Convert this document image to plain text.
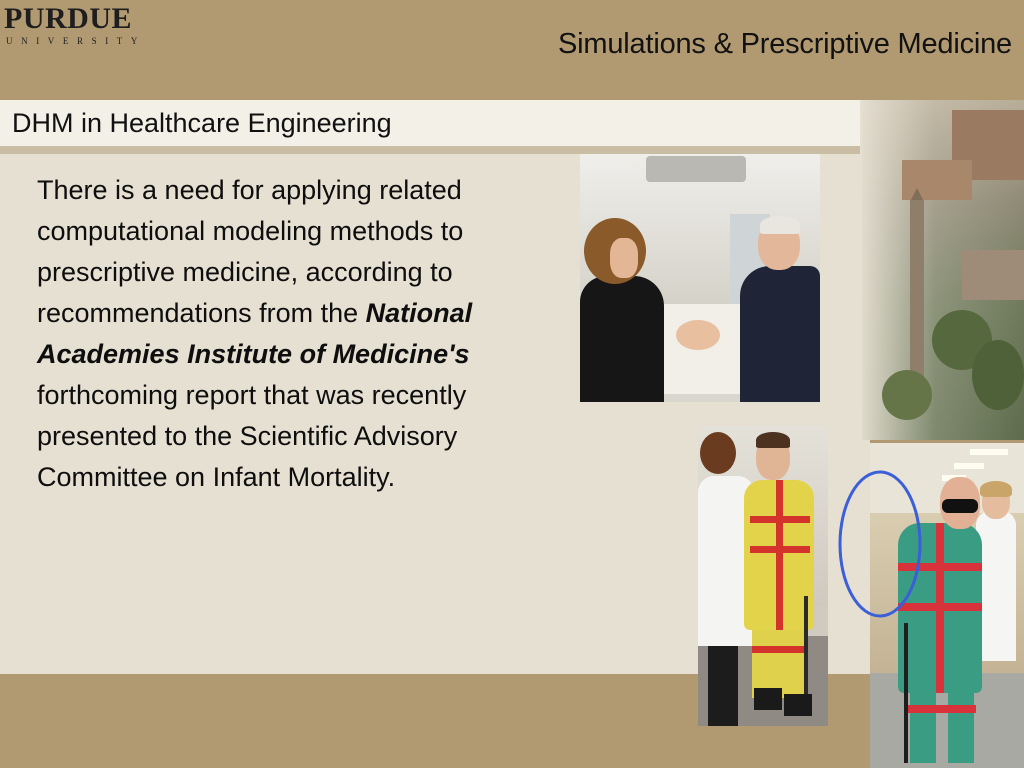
PURDUE
UNIVERSITY	Simulations & Prescriptive Medicine
DHM in Healthcare Engineering
There is a need for applying related computational modeling methods to prescriptive medicine, according to recommendations from the National Academies Institute of Medicine's forthcoming report that was recently presented to the Scientific Advisory Committee on Infant Mortality.
